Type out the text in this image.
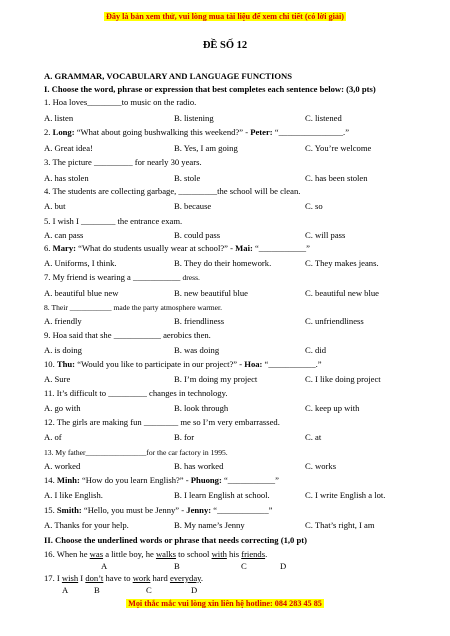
Đây là bản xem thử, vui lòng mua tài liệu để xem chi tiết (có lời giải)
ĐỀ SỐ 12
A. GRAMMAR, VOCABULARY AND LANGUAGE FUNCTIONS
I. Choose the word, phrase or expression that best completes each sentence below: (3,0 pts)
1. Hoa loves________to music on the radio.
A. listen	B. listening	C. listened
2. Long: “What about going bushwalking this weekend?” - Peter: “_______________.”
A. Great idea!	B. Yes, I am going	C. You’re welcome
3. The picture _________ for nearly 30 years.
A. has stolen	B. stole	C. has been stolen
4. The students are collecting garbage, _________the school will be clean.
A. but	B. because	C. so
5. I wish I ________ the entrance exam.
A. can pass	B. could pass	C. will pass
6. Mary: “What do students usually wear at school?” - Mai: “___________”
A. Uniforms, I think.	B. They do their homework.	C. They makes jeans.
7. My friend is wearing a ___________ dress.
A. beautiful blue new	B. new beautiful blue	C. beautiful new blue
8. Their ___________ made the party atmosphere warmer.
A. friendly	B. friendliness	C. unfriendliness
9. Hoa said that she ___________ aerobics then.
A. is doing	B. was doing	C. did
10. Thu: “Would you like to participate in our project?” - Hoa: “___________.”
A. Sure	B. I’m doing my project	C. I like doing project
11. It’s difficult to _________ changes in technology.
A. go with	B. look through	C. keep up with
12. The girls are making fun ________ me so I’m very embarrassed.
A. of	B. for	C. at
13. My father________________for the car factory in 1995.
A. worked	B. has worked	C. works
14. Minh: “How do you learn English?” - Phuong: “___________”
A. I like English.	B. I learn English at school.	C. I write English a lot.
15. Smith: “Hello, you must be Jenny” - Jenny: “____________”
A. Thanks for your help.	B. My name’s Jenny	C. That’s right, I am
II. Choose the underlined words or phrase that needs correcting (1,0 pt)
16. When he was a little boy, he walks to school with his friends.
A	B	C	D
17. I wish I don’t have to work hard everyday.
A	B	C	D
Mọi thắc mắc vui lòng xin liên hệ hotline: 084 283 45 85
